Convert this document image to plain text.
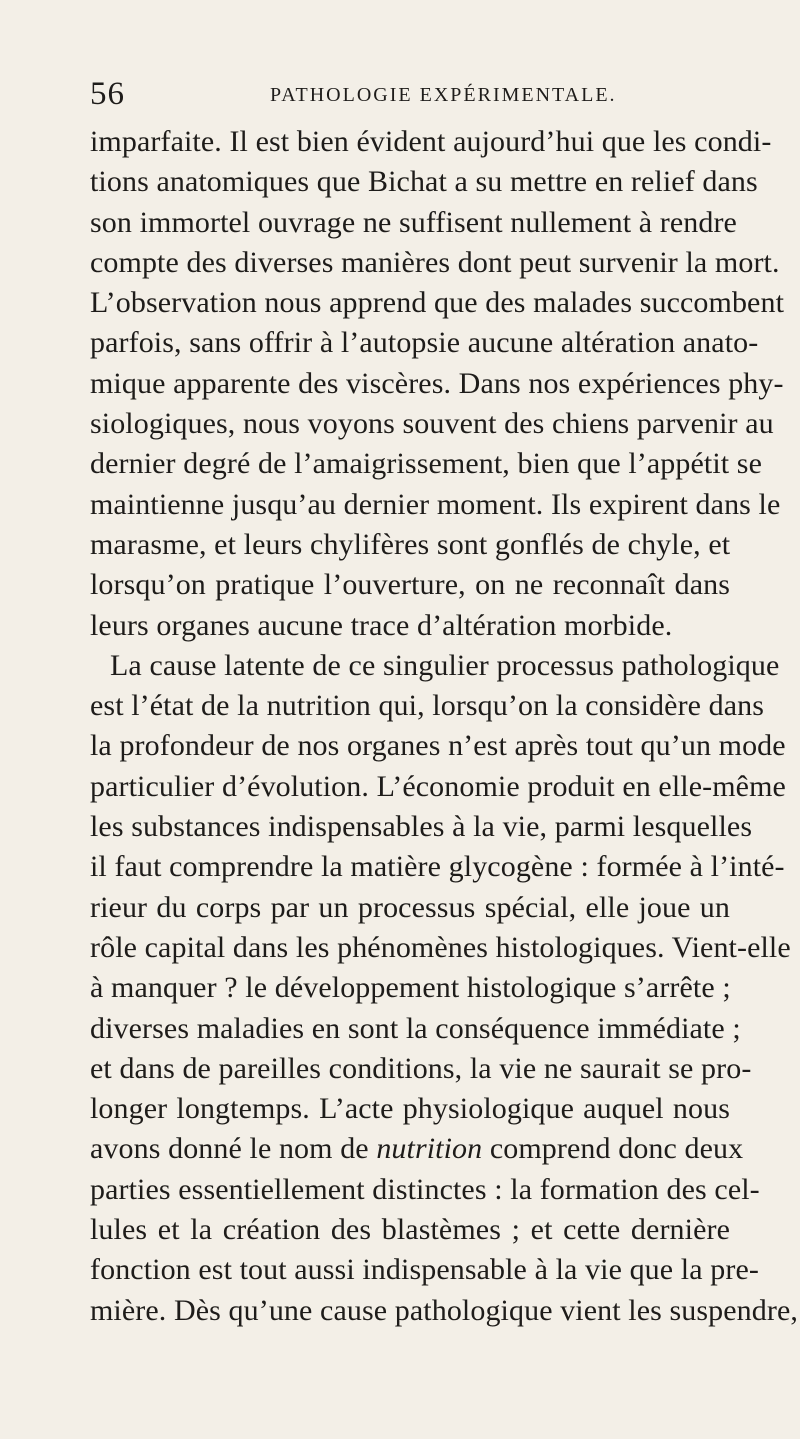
56	PATHOLOGIE EXPÉRIMENTALE.
imparfaite. Il est bien évident aujourd’hui que les condi-
tions anatomiques que Bichat a su mettre en relief dans
son immortel ouvrage ne suffisent nullement à rendre
compte des diverses manières dont peut survenir la mort.
L’observation nous apprend que des malades succombent
parfois, sans offrir à l’autopsie aucune altération anato-
mique apparente des viscères. Dans nos expériences phy-
siologiques, nous voyons souvent des chiens parvenir au
dernier degré de l’amaigrissement, bien que l’appétit se
maintienne jusqu’au dernier moment. Ils expirent dans le
marasme, et leurs chylifères sont gonflés de chyle, et
lorsqu’on pratique l’ouverture, on ne reconnaît dans
leurs organes aucune trace d’altération morbide.
La cause latente de ce singulier processus pathologique
est l’état de la nutrition qui, lorsqu’on la considère dans
la profondeur de nos organes n’est après tout qu’un mode
particulier d’évolution. L’économie produit en elle-même
les substances indispensables à la vie, parmi lesquelles
il faut comprendre la matière glycogène : formée à l’inté-
rieur du corps par un processus spécial, elle joue un
rôle capital dans les phénomènes histologiques. Vient-elle
à manquer ? le développement histologique s’arrête ;
diverses maladies en sont la conséquence immédiate ;
et dans de pareilles conditions, la vie ne saurait se pro-
longer longtemps. L’acte physiologique auquel nous
avons donné le nom de nutrition comprend donc deux
parties essentiellement distinctes : la formation des cel-
lules et la création des blastèmes ; et cette dernière
fonction est tout aussi indispensable à la vie que la pre-
mière. Dès qu’une cause pathologique vient les suspendre,
